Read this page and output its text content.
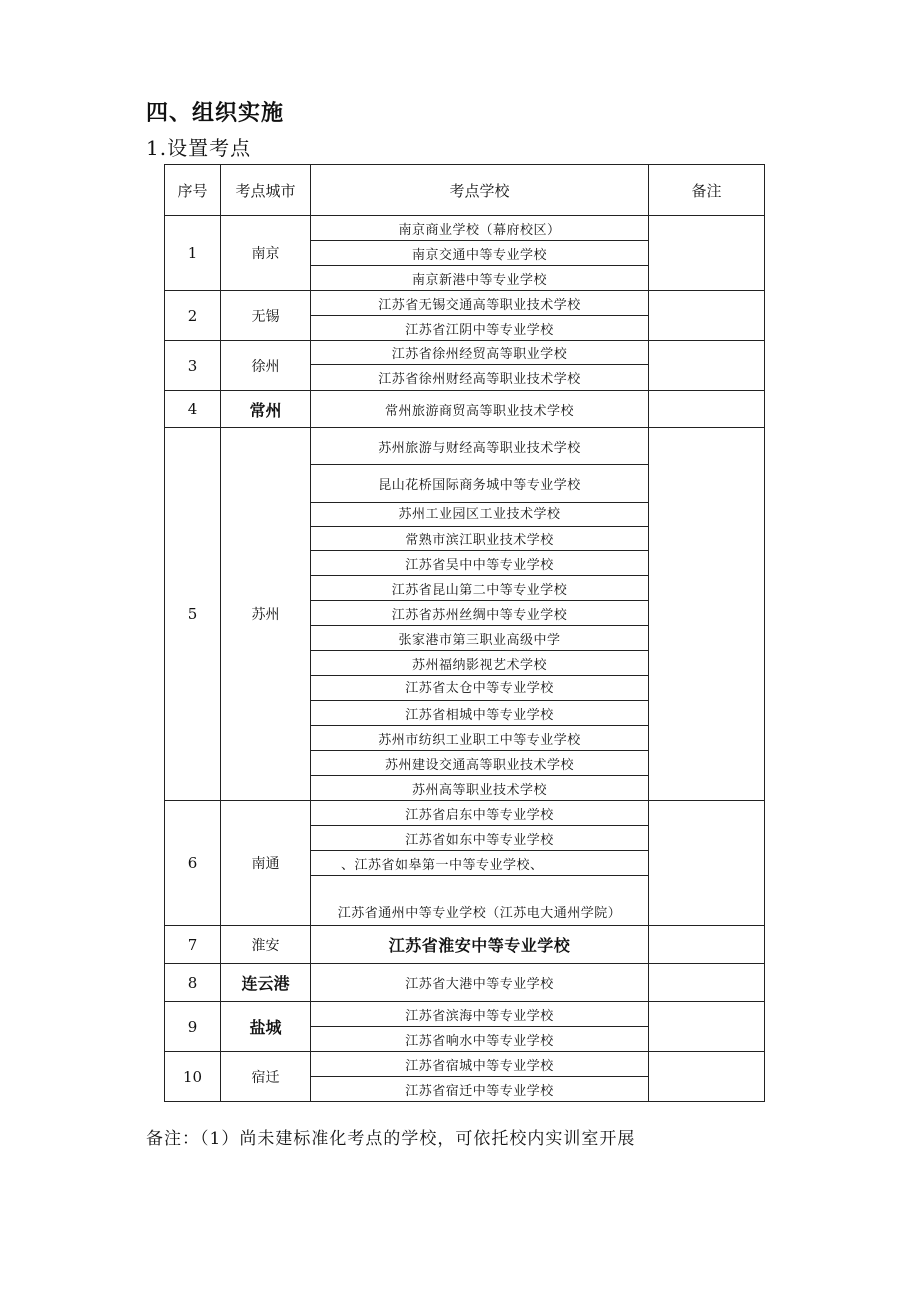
四、组织实施
1.设置考点
序号	考点城市	考点学校	备注
1	南京	南京商业学校（幕府校区）	
		南京交通中等专业学校	
		南京新港中等专业学校	
2	无锡	江苏省无锡交通高等职业技术学校	
		江苏省江阴中等专业学校	
3	徐州	江苏省徐州经贸高等职业学校	
		江苏省徐州财经高等职业技术学校	
4	常州	常州旅游商贸高等职业技术学校	
5	苏州	苏州旅游与财经高等职业技术学校	
		昆山花桥国际商务城中等专业学校	
		苏州工业园区工业技术学校	
		常熟市滨江职业技术学校	
		江苏省吴中中等专业学校	
		江苏省昆山第二中等专业学校	
		江苏省苏州丝绸中等专业学校	
		张家港市第三职业高级中学	
		苏州福纳影视艺术学校	
		江苏省太仓中等专业学校	
		江苏省相城中等专业学校	
		苏州市纺织工业职工中等专业学校	
		苏州建设交通高等职业技术学校	
		苏州高等职业技术学校	
6	南通	江苏省启东中等专业学校	
		江苏省如东中等专业学校	
		、江苏省如皋第一中等专业学校、	
		江苏省通州中等专业学校（江苏电大通州学院）	
7	淮安	江苏省淮安中等专业学校	
8	连云港	江苏省大港中等专业学校	
9	盐城	江苏省滨海中等专业学校	
		江苏省响水中等专业学校	
10	宿迁	江苏省宿城中等专业学校	
		江苏省宿迁中等专业学校	
备注：（1）尚未建标准化考点的学校，可依托校内实训室开展
